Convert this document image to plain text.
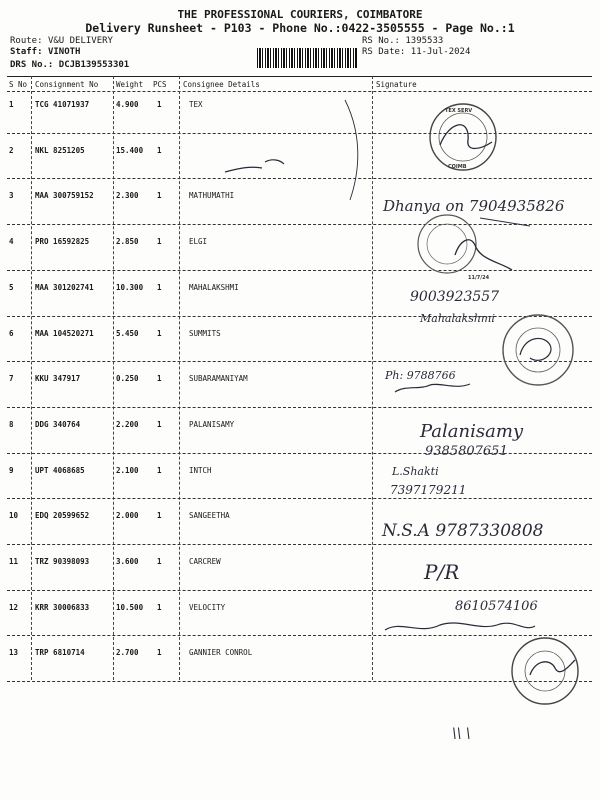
THE PROFESSIONAL COURIERS, COIMBATORE
Delivery Runsheet - P103 - Phone No.:0422-3505555 - Page No.:1
Route: V&U DELIVERY
Staff: VINOTH
DRS No.: DCJB139553301
RS No.: 1395533
RS Date: 11-Jul-2024
S No Consignment No Weight PCS Consignee Details	Signature
1	TCG 41071937	4.900 1	TEX
2	NKL 8251205	15.400 1
3	MAA 300759152	2.300 1	MATHUMATHI
4	PRO 16592825	2.850 1	ELGI
5	MAA 301202741	10.300 1	MAHALAKSHMI
6	MAA 104520271	5.450 1	SUMMITS
7	KKU 347917	0.250 1	SUBARAMANIYAM
8	DDG 340764	2.200 1	PALANISAMY
9	UPT 4068685	2.100 1	INTCH
10 EDQ 20599652	2.000 1	SANGEETHA
11 TRZ 90398093	3.600 1	CARCREW
12 KRR 30006833	10.500 1	VELOCITY
13 TRP 6810714	2.700 1	GANNIER CONROL
TEX SERV
COIMB
Dhanya on 7904935826
11/7/24
9003923557
Mahalakshmi
Ph: 9788766
Palanisamy
9385807651
L.Shakti
7397179211
N.S.A 9787330808
P/R
8610574106
\\ \
